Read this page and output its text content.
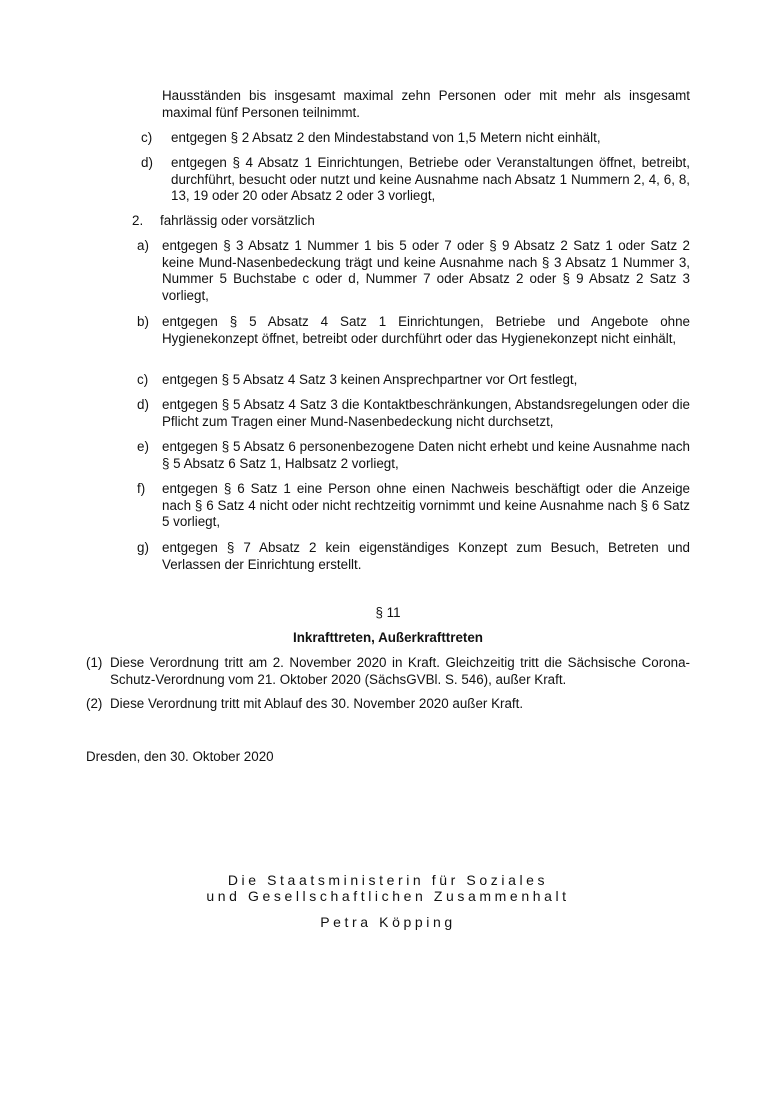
Hausständen bis insgesamt maximal zehn Personen oder mit mehr als insgesamt maximal fünf Personen teilnimmt.
c) entgegen § 2 Absatz 2 den Mindestabstand von 1,5 Metern nicht einhält,
d) entgegen § 4 Absatz 1 Einrichtungen, Betriebe oder Veranstaltungen öffnet, betreibt, durchführt, besucht oder nutzt und keine Ausnahme nach Absatz 1 Nummern 2, 4, 6, 8, 13, 19 oder 20 oder Absatz 2 oder 3 vorliegt,
2. fahrlässig oder vorsätzlich
a) entgegen § 3 Absatz 1 Nummer 1 bis 5 oder 7 oder § 9 Absatz 2 Satz 1 oder Satz 2 keine Mund-Nasenbedeckung trägt und keine Ausnahme nach § 3 Absatz 1 Nummer 3, Nummer 5 Buchstabe c oder d, Nummer 7 oder Absatz 2 oder § 9 Absatz 2 Satz 3 vorliegt,
b) entgegen § 5 Absatz 4 Satz 1 Einrichtungen, Betriebe und Angebote ohne Hygienekonzept öffnet, betreibt oder durchführt oder das Hygienekonzept nicht einhält,
c) entgegen § 5 Absatz 4 Satz 3 keinen Ansprechpartner vor Ort festlegt,
d) entgegen § 5 Absatz 4 Satz 3 die Kontaktbeschränkungen, Abstandsregelungen oder die Pflicht zum Tragen einer Mund-Nasenbedeckung nicht durchsetzt,
e) entgegen § 5 Absatz 6 personenbezogene Daten nicht erhebt und keine Ausnahme nach § 5 Absatz 6 Satz 1, Halbsatz 2 vorliegt,
f) entgegen § 6 Satz 1 eine Person ohne einen Nachweis beschäftigt oder die Anzeige nach § 6 Satz 4 nicht oder nicht rechtzeitig vornimmt und keine Ausnahme nach § 6 Satz 5 vorliegt,
g) entgegen § 7 Absatz 2 kein eigenständiges Konzept zum Besuch, Betreten und Verlassen der Einrichtung erstellt.
§ 11
Inkrafttreten, Außerkrafttreten
(1) Diese Verordnung tritt am 2. November 2020 in Kraft. Gleichzeitig tritt die Sächsische Corona-Schutz-Verordnung vom 21. Oktober 2020 (SächsGVBl. S. 546), außer Kraft.
(2) Diese Verordnung tritt mit Ablauf des 30. November 2020 außer Kraft.
Dresden, den 30. Oktober 2020
Die Staatsministerin für Soziales
und Gesellschaftlichen Zusammenhalt
Petra Köpping
